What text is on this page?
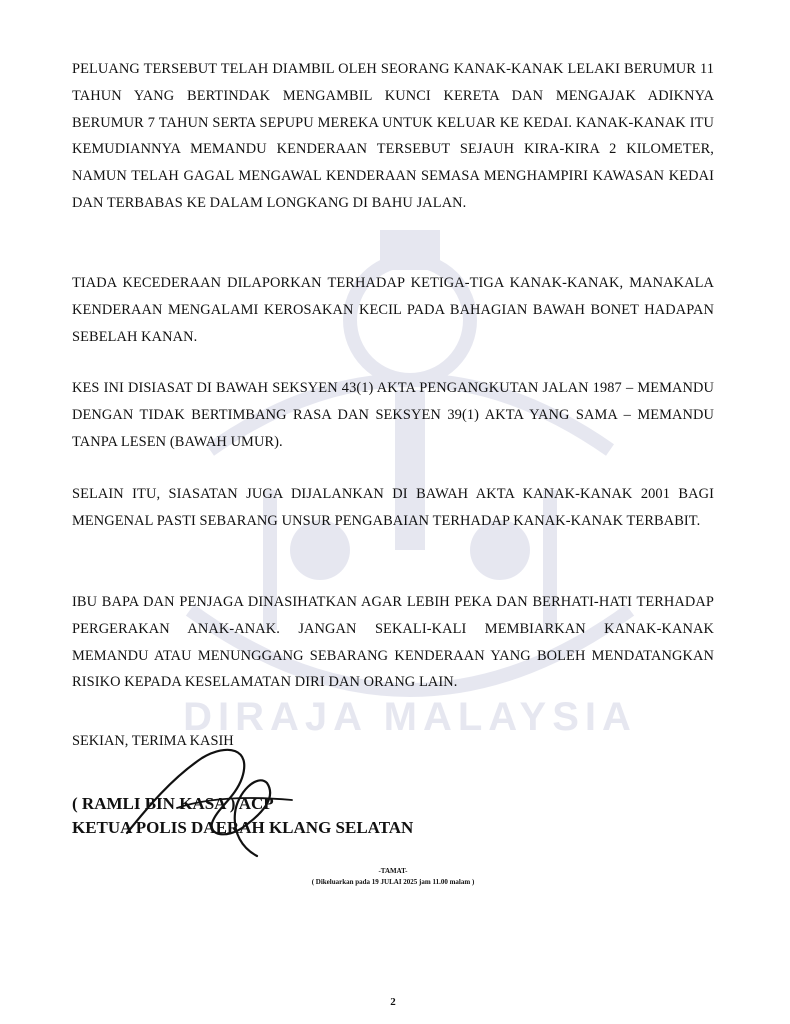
DIRAJA MALAYSIA
PELUANG TERSEBUT TELAH DIAMBIL OLEH SEORANG KANAK-KANAK LELAKI BERUMUR 11 TAHUN YANG BERTINDAK MENGAMBIL KUNCI KERETA DAN MENGAJAK ADIKNYA BERUMUR 7 TAHUN SERTA SEPUPU MEREKA UNTUK KELUAR KE KEDAI. KANAK-KANAK ITU KEMUDIANNYA MEMANDU KENDERAAN TERSEBUT SEJAUH KIRA-KIRA 2 KILOMETER, NAMUN TELAH GAGAL MENGAWAL KENDERAAN SEMASA MENGHAMPIRI KAWASAN KEDAI DAN TERBABAS KE DALAM LONGKANG DI BAHU JALAN.
TIADA KECEDERAAN DILAPORKAN TERHADAP KETIGA-TIGA KANAK-KANAK, MANAKALA KENDERAAN MENGALAMI KEROSAKAN KECIL PADA BAHAGIAN BAWAH BONET HADAPAN SEBELAH KANAN.
KES INI DISIASAT DI BAWAH SEKSYEN 43(1) AKTA PENGANGKUTAN JALAN 1987 – MEMANDU DENGAN TIDAK BERTIMBANG RASA DAN SEKSYEN 39(1) AKTA YANG SAMA – MEMANDU TANPA LESEN (BAWAH UMUR).
SELAIN ITU, SIASATAN JUGA DIJALANKAN DI BAWAH AKTA KANAK-KANAK 2001 BAGI MENGENAL PASTI SEBARANG UNSUR PENGABAIAN TERHADAP KANAK-KANAK TERBABIT.
IBU BAPA DAN PENJAGA DINASIHATKAN AGAR LEBIH PEKA DAN BERHATI-HATI TERHADAP PERGERAKAN ANAK-ANAK. JANGAN SEKALI-KALI MEMBIARKAN KANAK-KANAK MEMANDU ATAU MENUNGGANG SEBARANG KENDERAAN YANG BOLEH MENDATANGKAN RISIKO KEPADA KESELAMATAN DIRI DAN ORANG LAIN.
SEKIAN, TERIMA KASIH
( RAMLI BIN KASA ) ACP
KETUA POLIS DAERAH KLANG SELATAN
-TAMAT-
( Dikeluarkan pada 19 JULAI 2025 jam 11.00 malam )
2
